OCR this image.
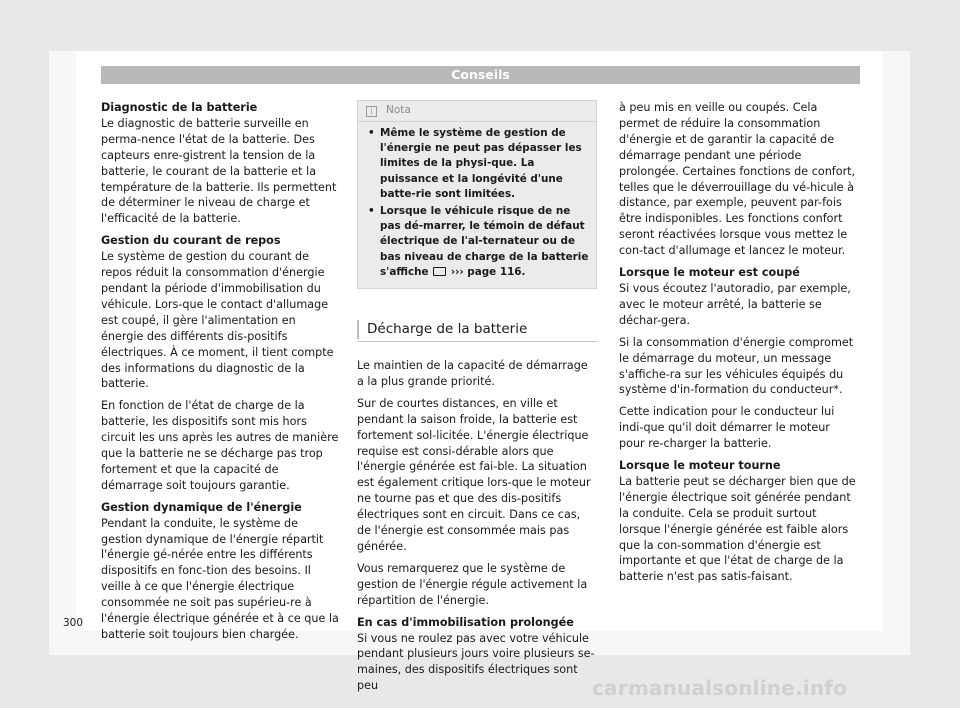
Conseils
Diagnostic de la batterie

Le diagnostic de batterie surveille en perma-nence l'état de la batterie. Des capteurs enre-gistrent la tension de la batterie, le courant de la batterie et la température de la batterie. Ils permettent de déterminer le niveau de charge et l'efficacité de la batterie.

Gestion du courant de repos

Le système de gestion du courant de repos réduit la consommation d'énergie pendant la période d'immobilisation du véhicule. Lors-que le contact d'allumage est coupé, il gère l'alimentation en énergie des différents dis-positifs électriques. À ce moment, il tient compte des informations du diagnostic de la batterie.

En fonction de l'état de charge de la batterie, les dispositifs sont mis hors circuit les uns après les autres de manière que la batterie ne se décharge pas trop fortement et que la capacité de démarrage soit toujours garantie.

Gestion dynamique de l'énergie

Pendant la conduite, le système de gestion dynamique de l'énergie répartit l'énergie gé-nérée entre les différents dispositifs en fonc-tion des besoins. Il veille à ce que l'énergie électrique consommée ne soit pas supérieu-re à l'énergie électrique générée et à ce que la batterie soit toujours bien chargée.

i	Nota
• Même le système de gestion de l'énergie ne peut pas dépasser les limites de la physi-que. La puissance et la longévité d'une batte-rie sont limitées.
• Lorsque le véhicule risque de ne pas dé-marrer, le témoin de défaut électrique de l'al-ternateur ou de bas niveau de charge de la batterie s'affiche ››› page 116.
Décharge de la batterie

Le maintien de la capacité de démarrage a la plus grande priorité.

Sur de courtes distances, en ville et pendant la saison froide, la batterie est fortement sol-licitée. L'énergie électrique requise est consi-dérable alors que l'énergie générée est fai-ble. La situation est également critique lors-que le moteur ne tourne pas et que des dis-positifs électriques sont en circuit. Dans ce cas, de l'énergie est consommée mais pas générée.

Vous remarquerez que le système de gestion de l'énergie régule activement la répartition de l'énergie.

En cas d'immobilisation prolongée

Si vous ne roulez pas avec votre véhicule pendant plusieurs jours voire plusieurs se-maines, des dispositifs électriques sont peu

à peu mis en veille ou coupés. Cela permet de réduire la consommation d'énergie et de garantir la capacité de démarrage pendant une période prolongée. Certaines fonctions de confort, telles que le déverrouillage du vé-hicule à distance, par exemple, peuvent par-fois être indisponibles. Les fonctions confort seront réactivées lorsque vous mettez le con-tact d'allumage et lancez le moteur.

Lorsque le moteur est coupé

Si vous écoutez l'autoradio, par exemple, avec le moteur arrêté, la batterie se déchar-gera.

Si la consommation d'énergie compromet le démarrage du moteur, un message s'affiche-ra sur les véhicules équipés du système d'in-formation du conducteur*.

Cette indication pour le conducteur lui indi-que qu'il doit démarrer le moteur pour re-charger la batterie.

Lorsque le moteur tourne

La batterie peut se décharger bien que de l'énergie électrique soit générée pendant la conduite. Cela se produit surtout lorsque l'énergie générée est faible alors que la con-sommation d'énergie est importante et que l'état de charge de la batterie n'est pas satis-faisant.

300
carmanualsonline.info
